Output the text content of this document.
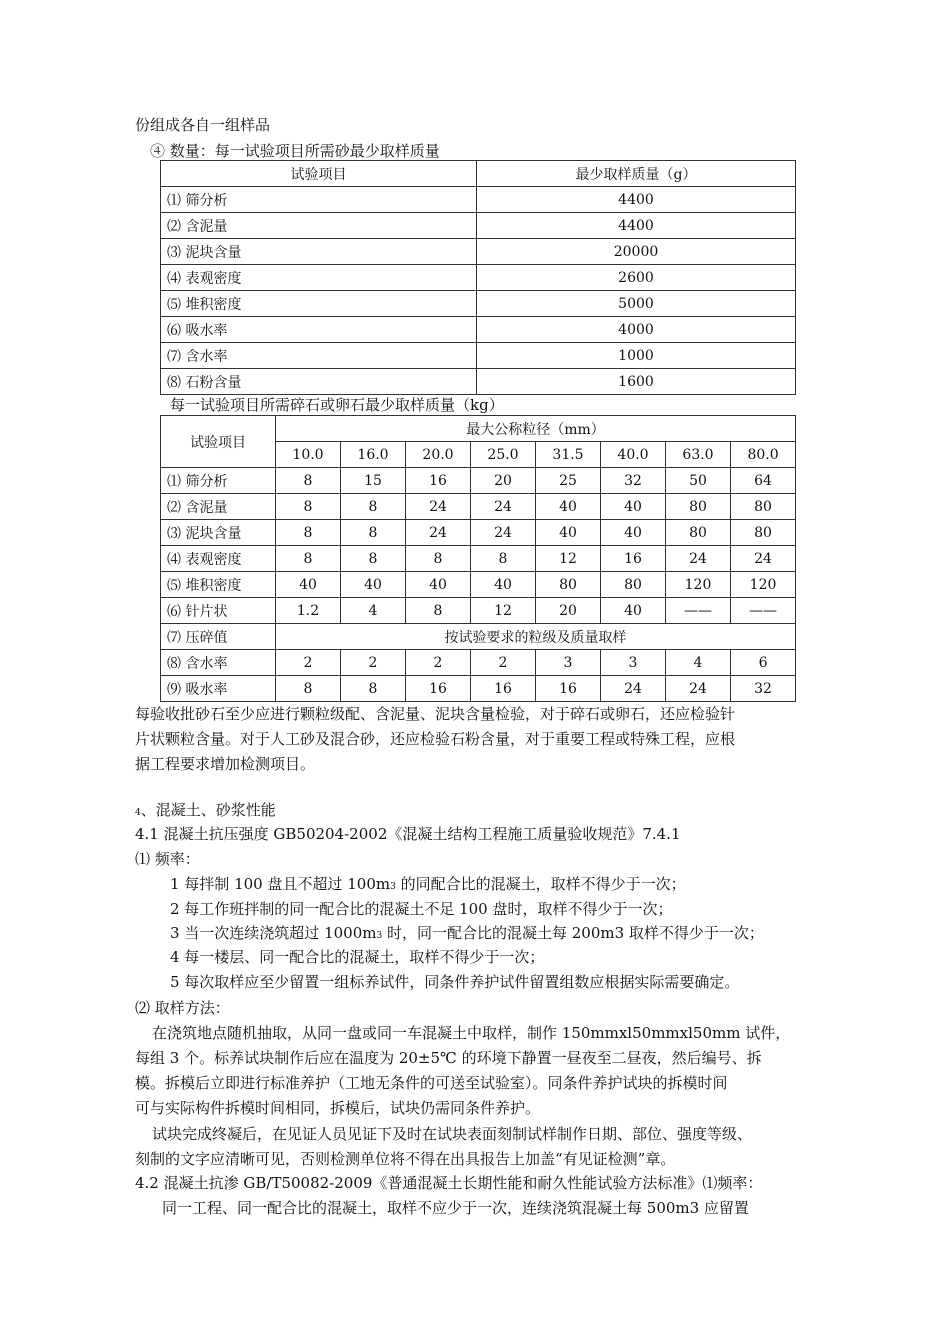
份组成各自一组样品
④ 数量：每一试验项目所需砂最少取样质量
试验项目	最少取样质量（g）
⑴ 筛分析	4400
⑵ 含泥量	4400
⑶ 泥块含量	20000
⑷ 表观密度	2600
⑸ 堆积密度	5000
⑹ 吸水率	4000
⑺ 含水率	1000
⑻ 石粉含量	1600
每一试验项目所需碎石或卵石最少取样质量（kg）
试验项目	最大公称粒径（mm）							
	10.0	16.0	20.0	25.0	31.5	40.0	63.0	80.0
⑴ 筛分析	8	15	16	20	25	32	50	64
⑵ 含泥量	8	8	24	24	40	40	80	80
⑶ 泥块含量	8	8	24	24	40	40	80	80
⑷ 表观密度	8	8	8	8	12	16	24	24
⑸ 堆积密度	40	40	40	40	80	80	120	120
⑹ 针片状	1.2	4	8	12	20	40	——	——
⑺ 压碎值	按试验要求的粒级及质量取样							
⑻ 含水率	2	2	2	2	3	3	4	6
⑼ 吸水率	8	8	16	16	16	24	24	32
每验收批砂石至少应进行颗粒级配、含泥量、泥块含量检验，对于碎石或卵石，还应检验针
片状颗粒含量。对于人工砂及混合砂，还应检验石粉含量，对于重要工程或特殊工程，应根
据工程要求增加检测项目。
4、混凝土、砂浆性能
4.1 混凝土抗压强度 GB50204-2002《混凝土结构工程施工质量验收规范》7.4.1
⑴ 频率：
1 每拌制 100 盘且不超过 100m3 的同配合比的混凝土，取样不得少于一次；
2 每工作班拌制的同一配合比的混凝土不足 100 盘时，取样不得少于一次；
3 当一次连续浇筑超过 1000m3 时，同一配合比的混凝土每 200m3 取样不得少于一次；
4 每一楼层、同一配合比的混凝土，取样不得少于一次；
5 每次取样应至少留置一组标养试件，同条件养护试件留置组数应根据实际需要确定。
⑵ 取样方法：
在浇筑地点随机抽取，从同一盘或同一车混凝土中取样，制作 150mmxl50mmxl50mm 试件，
每组 3 个。标养试块制作后应在温度为 20±5℃ 的环境下静置一昼夜至二昼夜，然后编号、拆
模。拆模后立即进行标准养护（工地无条件的可送至试验室）。同条件养护试块的拆模时间
可与实际构件拆模时间相同，拆模后，试块仍需同条件养护。
试块完成终凝后，在见证人员见证下及时在试块表面刻制试样制作日期、部位、强度等级、
刻制的文字应清晰可见，否则检测单位将不得在出具报告上加盖“有见证检测”章。
4.2 混凝土抗渗 GB/T50082-2009《普通混凝土长期性能和耐久性能试验方法标准》⑴频率：
同一工程、同一配合比的混凝土，取样不应少于一次，连续浇筑混凝土每 500m3 应留置
